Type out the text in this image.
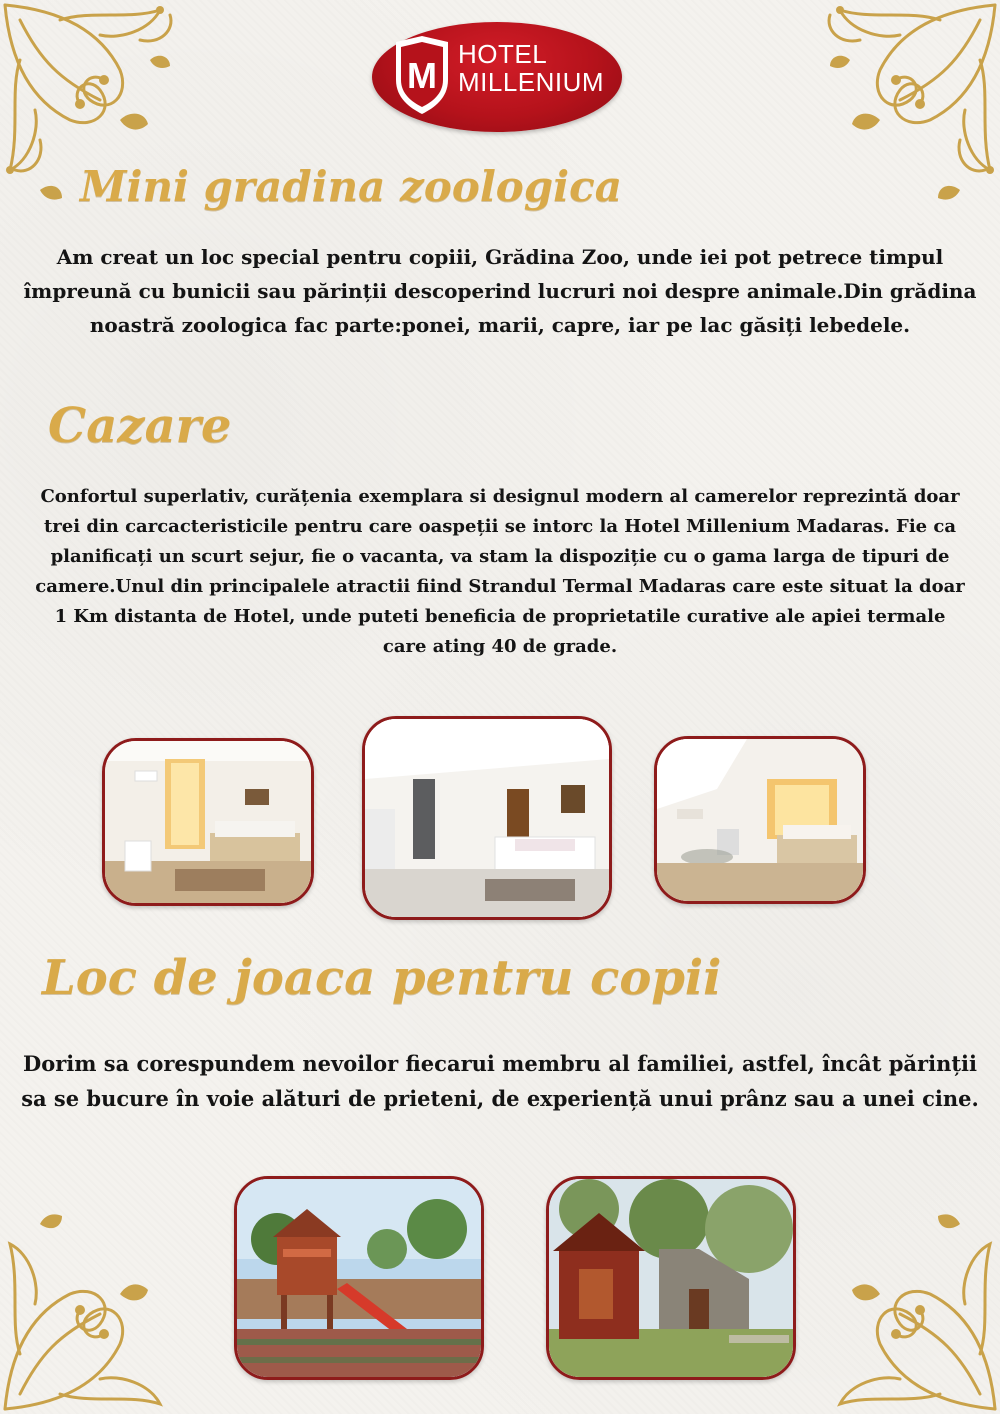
M
HOTEL
MILLENIUM
Mini gradina zoologica

Am creat un loc special pentru copiii, Grădina Zoo, unde iei pot petrece timpul împreună cu bunicii sau părinții descoperind lucruri noi despre animale.Din grădina noastră zoologica fac parte:ponei, marii, capre, iar pe lac găsiți lebedele.

Cazare

Confortul superlativ, curățenia exemplara si designul modern al camerelor reprezintă doar trei din carcacteristicile pentru care oaspeții se intorc la Hotel Millenium Madaras. Fie ca planificați un scurt sejur, fie o vacanta, va stam la dispoziție cu o gama larga de tipuri de camere.Unul din principalele atractii fiind Strandul Termal Madaras care este situat la doar 1 Km distanta de Hotel, unde puteti beneficia de proprietatile curative ale apiei termale care ating 40 de grade.

Loc de joaca pentru copii

Dorim sa corespundem nevoilor fiecarui membru al familiei, astfel, încât părinții sa se bucure în voie alături de prieteni, de experiență unui prânz sau a unei cine.
